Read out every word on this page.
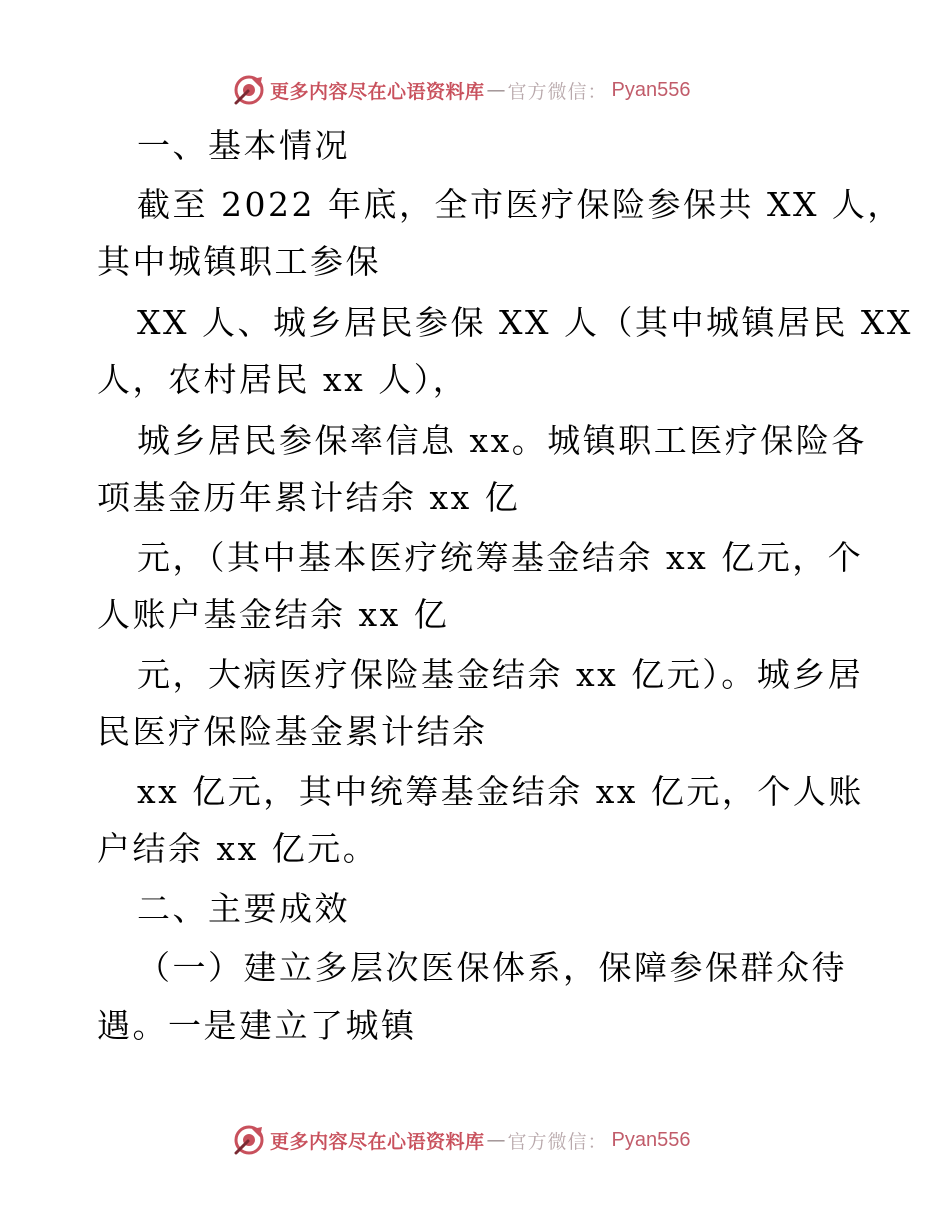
更多内容尽在心语资料库 — 官方微信： Pyan556
一、基本情况
截至 2022 年底，全市医疗保险参保共 XX 人，
其中城镇职工参保
XX 人、城乡居民参保 XX 人（其中城镇居民 XX
人，农村居民 xx 人），
城乡居民参保率信息 xx。城镇职工医疗保险各
项基金历年累计结余 xx 亿
元，（其中基本医疗统筹基金结余 xx 亿元，个
人账户基金结余 xx 亿
元，大病医疗保险基金结余 xx 亿元）。城乡居
民医疗保险基金累计结余
xx 亿元，其中统筹基金结余 xx 亿元，个人账
户结余 xx 亿元。
二、主要成效
（一）建立多层次医保体系，保障参保群众待
遇。一是建立了城镇
更多内容尽在心语资料库 — 官方微信： Pyan556
